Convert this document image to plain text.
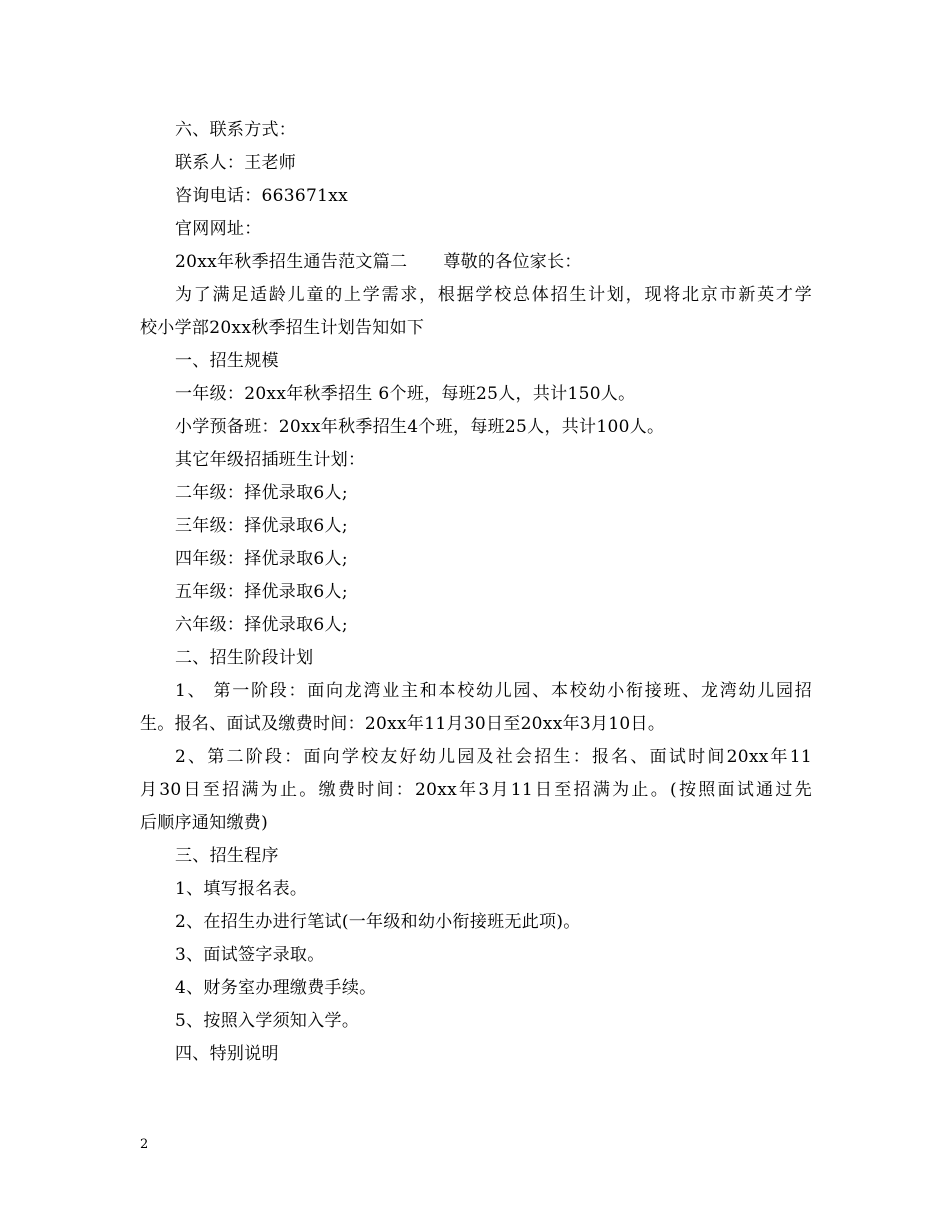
六、联系方式：
联系人：王老师
咨询电话：663671xx
官网网址：
20xx年秋季招生通告范文篇二 尊敬的各位家长：
为了满足适龄儿童的上学需求，根据学校总体招生计划，现将北京市新英才学
校小学部20xx秋季招生计划告知如下
一、招生规模
一年级：20xx年秋季招生 6个班，每班25人，共计150人。
小学预备班：20xx年秋季招生4个班，每班25人，共计100人。
其它年级招插班生计划：
二年级：择优录取6人;
三年级：择优录取6人;
四年级：择优录取6人;
五年级：择优录取6人;
六年级：择优录取6人;
二、招生阶段计划
1、 第一阶段：面向龙湾业主和本校幼儿园、本校幼小衔接班、龙湾幼儿园招
生。报名、面试及缴费时间：20xx年11月30日至20xx年3月10日。
2、第二阶段：面向学校友好幼儿园及社会招生：报名、面试时间20xx年11
月30日至招满为止。缴费时间：20xx年3月11日至招满为止。(按照面试通过先
后顺序通知缴费)
三、招生程序
1、填写报名表。
2、在招生办进行笔试(一年级和幼小衔接班无此项)。
3、面试签字录取。
4、财务室办理缴费手续。
5、按照入学须知入学。
四、特别说明
2
